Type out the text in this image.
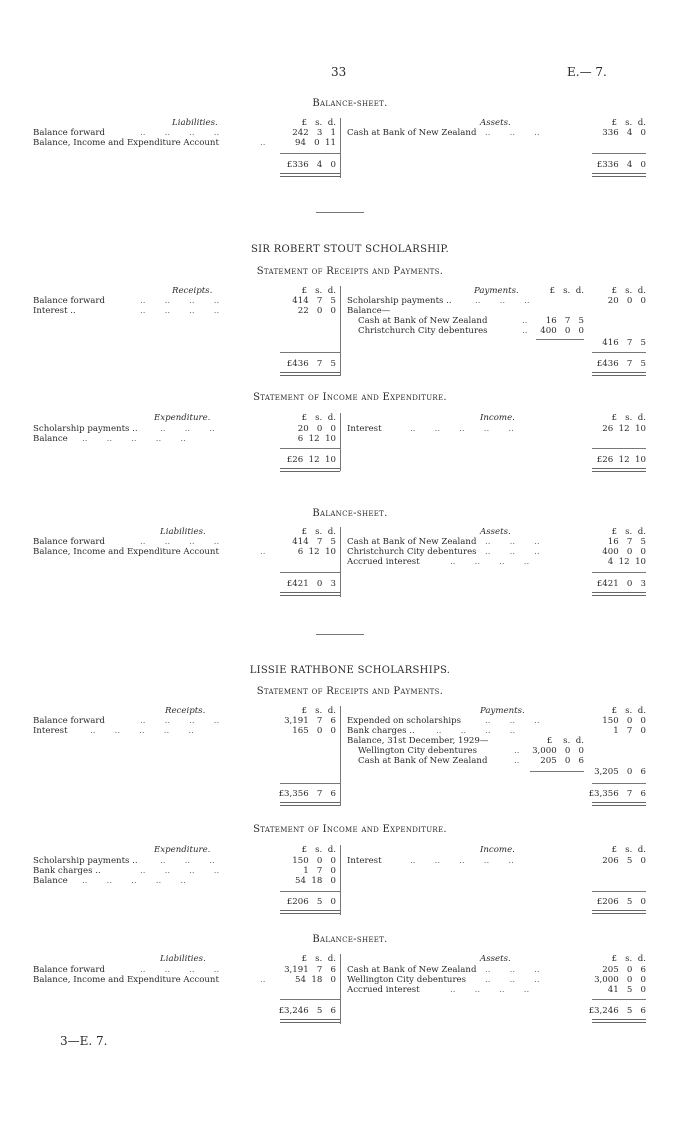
33	E.— 7.
Balance-sheet.
Liabilities.	Assets.
£   s.  d.	£   s.  d.
Balance forward	..       ..       ..       ..	242   3   1
Balance, Income and Expenditure Account	..	94   0  11
Cash at Bank of New Zealand ..       ..       ..	336   4   0
£336   4   0	£336   4   0
SIR ROBERT STOUT SCHOLARSHIP.
Statement of Receipts and Payments.
Receipts.	Payments.
£   s.  d.	£   s.  d.	£   s.  d.
Balance forward	..       ..       ..       ..	414   7   5
Interest ..	..       ..       ..       ..	22   0   0
Scholarship payments ..	..       ..       ..	20   0   0
Balance—
Cash at Bank of New Zealand	..	16   7   5
Christchurch City debentures	..	400   0   0
416   7   5
£436   7   5	£436   7   5
Statement of Income and Expenditure.
Expenditure.	Income.
£   s.  d.	£   s.  d.
Scholarship payments ..	..       ..       ..	20   0   0
Balance ..       ..       ..       ..       ..	6  12  10
Interest	..       ..       ..       ..       ..	26  12  10
£26  12  10	£26  12  10
Balance-sheet.
Liabilities.	Assets.
£   s.  d.	£   s.  d.
Balance forward	..       ..       ..       ..	414   7   5
Balance, Income and Expenditure Account	..	6  12  10
Cash at Bank of New Zealand ..       ..       ..	16   7   5
Christchurch City debentures ..       ..       ..	400   0   0
Accrued interest	..       ..       ..       ..	4  12  10
£421   0   3	£421   0   3
LISSIE RATHBONE SCHOLARSHIPS.
Statement of Receipts and Payments.
Receipts.	Payments.
£   s.  d.	£   s.  d.
Balance forward	..       ..       ..       ..	3,191   7   6
Interest	..       ..       ..       ..       ..	165   0   0
Expended on scholarships	..       ..       ..	150   0   0
Bank charges .. ..       ..       ..       ..	1   7   0
Balance, 31st December, 1929—	£    s.  d.
Wellington City debentures	..	3,000   0   0
Cash at Bank of New Zealand	..	205   0   6
3,205   0   6
£3,356   7   6	£3,356   7   6
Statement of Income and Expenditure.
Expenditure.	Income.
£   s.  d.	£   s.  d.
Scholarship payments ..	..       ..       ..	150   0   0
Bank charges ..	..       ..       ..       ..	1   7   0
Balance ..       ..       ..       ..       ..	54  18   0
Interest	..       ..       ..       ..       ..	206   5   0
£206   5   0	£206   5   0
Balance-sheet.
Liabilities.	Assets.
£   s.  d.	£   s.  d.
Balance forward	..       ..       ..       ..	3,191   7   6
Balance, Income and Expenditure Account	..	54  18   0
Cash at Bank of New Zealand ..       ..       ..	205   0   6
Wellington City debentures ..       ..       ..	3,000   0   0
Accrued interest	..       ..       ..       ..	41   5   0
£3,246   5   6	£3,246   5   6
3—E. 7.
